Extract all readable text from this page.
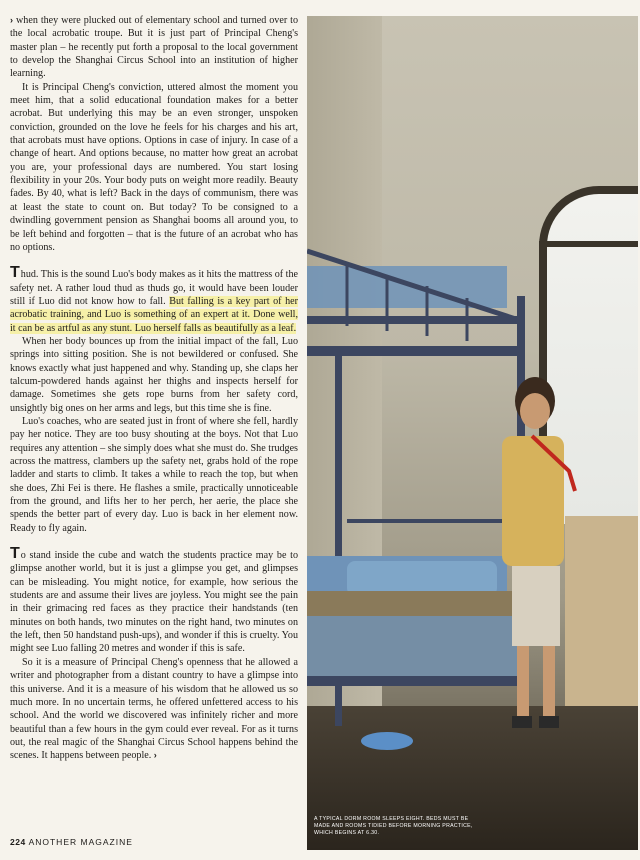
› when they were plucked out of elementary school and turned over to the local acrobatic troupe. But it is just part of Principal Cheng's master plan – he recently put forth a proposal to the local government to develop the Shanghai Circus School into an institution of higher learning.

It is Principal Cheng's conviction, uttered almost the moment you meet him, that a solid educational foundation makes for a better acrobat. But underlying this may be an even stronger, unspoken conviction, grounded on the love he feels for his charges and his art, that acrobats must have options. Options in case of injury. In case of a change of heart. And options because, no matter how great an acrobat you are, your professional days are numbered. You start losing flexibility in your 20s. Your body puts on weight more readily. Beauty fades. By 40, what is left? Back in the days of communism, there was at least the state to count on. But today? To be consigned to a dwindling government pension as Shanghai booms all around you, to be left behind and forgotten – that is the future of an acrobat who has no options.

Thud. This is the sound Luo's body makes as it hits the mattress of the safety net. A rather loud thud as thuds go, it would have been louder still if Luo did not know how to fall. But falling is a key part of her acrobatic training, and Luo is something of an expert at it. Done well, it can be as artful as any stunt. Luo herself falls as beautifully as a leaf.

When her body bounces up from the initial impact of the fall, Luo springs into sitting position. She is not bewildered or confused. She knows exactly what just happened and why. Standing up, she claps her talcum-powdered hands against her thighs and inspects herself for damage. Sometimes she gets rope burns from her safety cord, unsightly big ones on her arms and legs, but this time she is fine.

Luo's coaches, who are seated just in front of where she fell, hardly pay her notice. They are too busy shouting at the boys. Not that Luo requires any attention – she simply does what she must do. She trudges across the mattress, clambers up the safety net, grabs hold of the rope ladder and starts to climb. It takes a while to reach the top, but when she does, Zhi Fei is there. He flashes a smile, practically unnoticeable from the ground, and lifts her to her perch, her aerie, the place she spends the better part of every day. Luo is back in her element now. Ready to fly again.

To stand inside the cube and watch the students practice may be to glimpse another world, but it is just a glimpse you get, and glimpses can be misleading. You might notice, for example, how serious the students are and assume their lives are joyless. You might see the pain in their grimacing red faces as they practice their handstands (ten minutes on both hands, two minutes on the right hand, two minutes on the left, then 50 handstand push-ups), and wonder if this is cruelty. You might see Luo falling 20 metres and wonder if this is safe.

So it is a measure of Principal Cheng's openness that he allowed a writer and photographer from a distant country to have a glimpse into this universe. And it is a measure of his wisdom that he allowed us so much more. In no uncertain terms, he offered unfettered access to his school. And the world we discovered was infinitely richer and more beautiful than a few hours in the gym could ever reveal. For as it turns out, the real magic of the Shanghai Circus School happens behind the scenes. It happens between people. ›

224 ANOTHER MAGAZINE
A TYPICAL DORM ROOM SLEEPS EIGHT. BEDS MUST BE MADE AND ROOMS TIDIED BEFORE MORNING PRACTICE, WHICH BEGINS AT 6.30.
